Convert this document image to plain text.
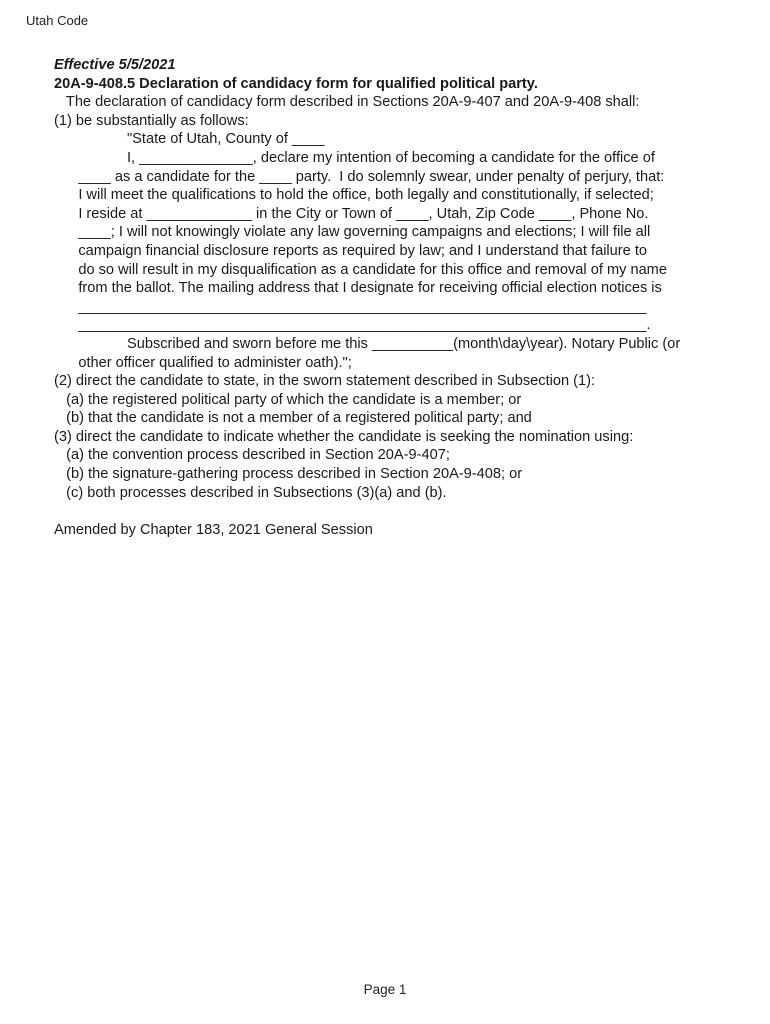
Utah Code
Effective 5/5/2021
20A-9-408.5 Declaration of candidacy form for qualified political party.
The declaration of candidacy form described in Sections 20A-9-407 and 20A-9-408 shall:
(1) be substantially as follows:
"State of Utah, County of ____
I, ______________, declare my intention of becoming a candidate for the office of
____ as a candidate for the ____ party.  I do solemnly swear, under penalty of perjury, that:
I will meet the qualifications to hold the office, both legally and constitutionally, if selected;
I reside at _____________ in the City or Town of ____, Utah, Zip Code ____, Phone No.
____; I will not knowingly violate any law governing campaigns and elections; I will file all
campaign financial disclosure reports as required by law; and I understand that failure to
do so will result in my disqualification as a candidate for this office and removal of my name
from the ballot. The mailing address that I designate for receiving official election notices is
______________________________________________________________________
______________________________________________________________________.
Subscribed and sworn before me this __________(month\day\year). Notary Public (or
other officer qualified to administer oath).";
(2) direct the candidate to state, in the sworn statement described in Subsection (1):
(a) the registered political party of which the candidate is a member; or
(b) that the candidate is not a member of a registered political party; and
(3) direct the candidate to indicate whether the candidate is seeking the nomination using:
(a) the convention process described in Section 20A-9-407;
(b) the signature-gathering process described in Section 20A-9-408; or
(c) both processes described in Subsections (3)(a) and (b).
Amended by Chapter 183, 2021 General Session
Page 1
